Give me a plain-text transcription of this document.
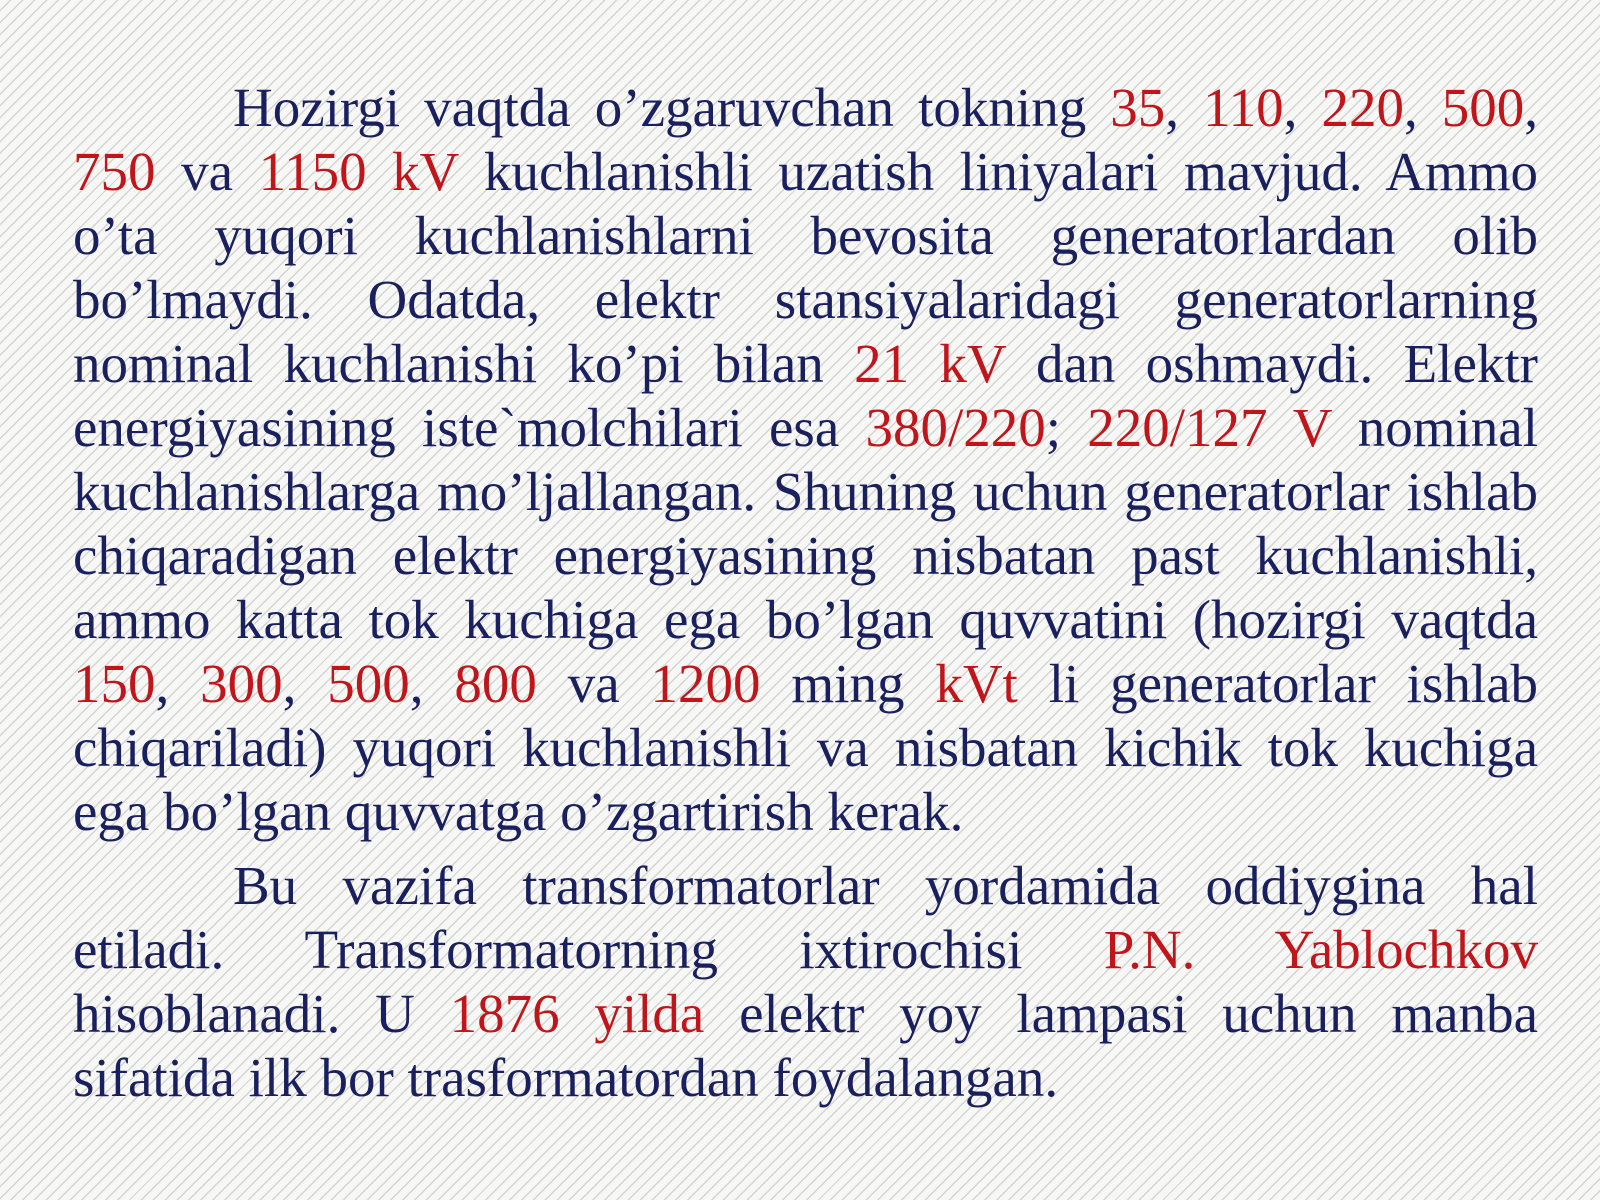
Hozirgi vaqtda o’zgaruvchan tokning 35, 110, 220, 500, 750 va 1150 kV kuchlanishli uzatish liniyalari mavjud. Ammo o’ta yuqori kuchlanishlarni bevosita generatorlardan olib bo’lmaydi. Odatda, elektr stansiyalaridagi generatorlarning nominal kuchlanishi ko’pi bilan 21 kV dan oshmaydi. Elektr energiyasining iste`molchilari esa 380/220; 220/127 V nominal kuchlanishlarga mo’ljallangan. Shuning uchun generatorlar ishlab chiqaradigan elektr energiyasining nisbatan past kuchlanishli, ammo katta tok kuchiga ega bo’lgan quvvatini (hozirgi vaqtda 150, 300, 500, 800 va 1200 ming kVt li generatorlar ishlab chiqariladi) yuqori kuchlanishli va nisbatan kichik tok kuchiga ega bo’lgan quvvatga o’zgartirish kerak.

Bu vazifa transformatorlar yordamida oddiygina hal etiladi. Transformatorning ixtirochisi P.N. Yablochkov hisoblanadi. U 1876 yilda elektr yoy lampasi uchun manba sifatida ilk bor trasformatordan foydalangan.
